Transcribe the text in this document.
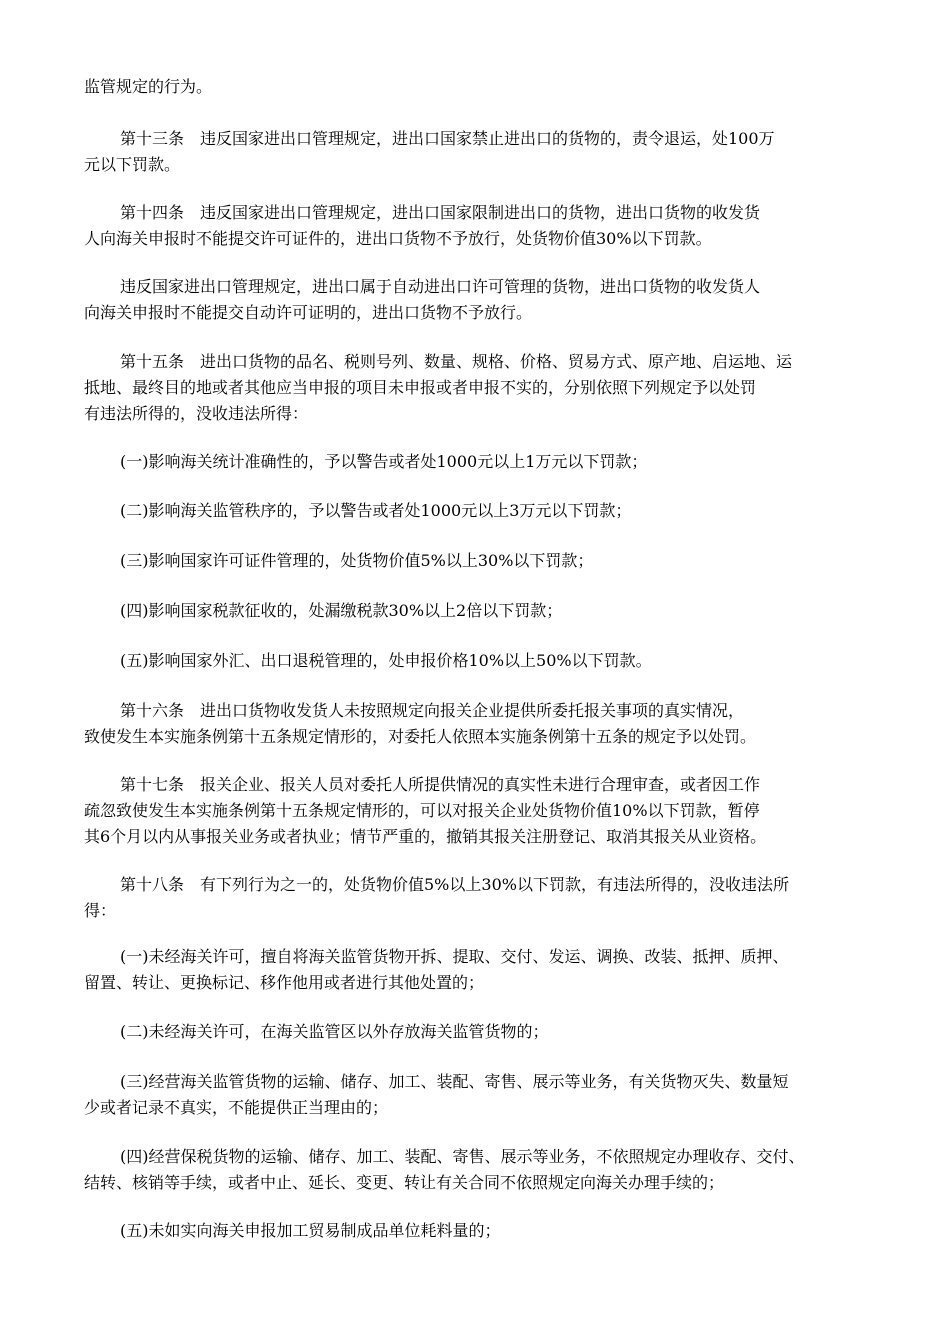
监管规定的行为。
第十三条　违反国家进出口管理规定，进出口国家禁止进出口的货物的，责令退运，处100万
元以下罚款。
第十四条　违反国家进出口管理规定，进出口国家限制进出口的货物，进出口货物的收发货
人向海关申报时不能提交许可证件的，进出口货物不予放行，处货物价值30%以下罚款。
违反国家进出口管理规定，进出口属于自动进出口许可管理的货物，进出口货物的收发货人
向海关申报时不能提交自动许可证明的，进出口货物不予放行。
第十五条　进出口货物的品名、税则号列、数量、规格、价格、贸易方式、原产地、启运地、运
抵地、最终目的地或者其他应当申报的项目未申报或者申报不实的，分别依照下列规定予以处罚
有违法所得的，没收违法所得：
(一)影响海关统计准确性的，予以警告或者处1000元以上1万元以下罚款；
(二)影响海关监管秩序的，予以警告或者处1000元以上3万元以下罚款；
(三)影响国家许可证件管理的，处货物价值5%以上30%以下罚款；
(四)影响国家税款征收的，处漏缴税款30%以上2倍以下罚款；
(五)影响国家外汇、出口退税管理的，处申报价格10%以上50%以下罚款。
第十六条　进出口货物收发货人未按照规定向报关企业提供所委托报关事项的真实情况，
致使发生本实施条例第十五条规定情形的，对委托人依照本实施条例第十五条的规定予以处罚。
第十七条　报关企业、报关人员对委托人所提供情况的真实性未进行合理审查，或者因工作
疏忽致使发生本实施条例第十五条规定情形的，可以对报关企业处货物价值10%以下罚款，暂停
其6个月以内从事报关业务或者执业；情节严重的，撤销其报关注册登记、取消其报关从业资格。
第十八条　有下列行为之一的，处货物价值5%以上30%以下罚款，有违法所得的，没收违法所
得：
(一)未经海关许可，擅自将海关监管货物开拆、提取、交付、发运、调换、改装、抵押、质押、
留置、转让、更换标记、移作他用或者进行其他处置的；
(二)未经海关许可，在海关监管区以外存放海关监管货物的；
(三)经营海关监管货物的运输、储存、加工、装配、寄售、展示等业务，有关货物灭失、数量短
少或者记录不真实，不能提供正当理由的；
(四)经营保税货物的运输、储存、加工、装配、寄售、展示等业务，不依照规定办理收存、交付、
结转、核销等手续，或者中止、延长、变更、转让有关合同不依照规定向海关办理手续的；
(五)未如实向海关申报加工贸易制成品单位耗料量的；
